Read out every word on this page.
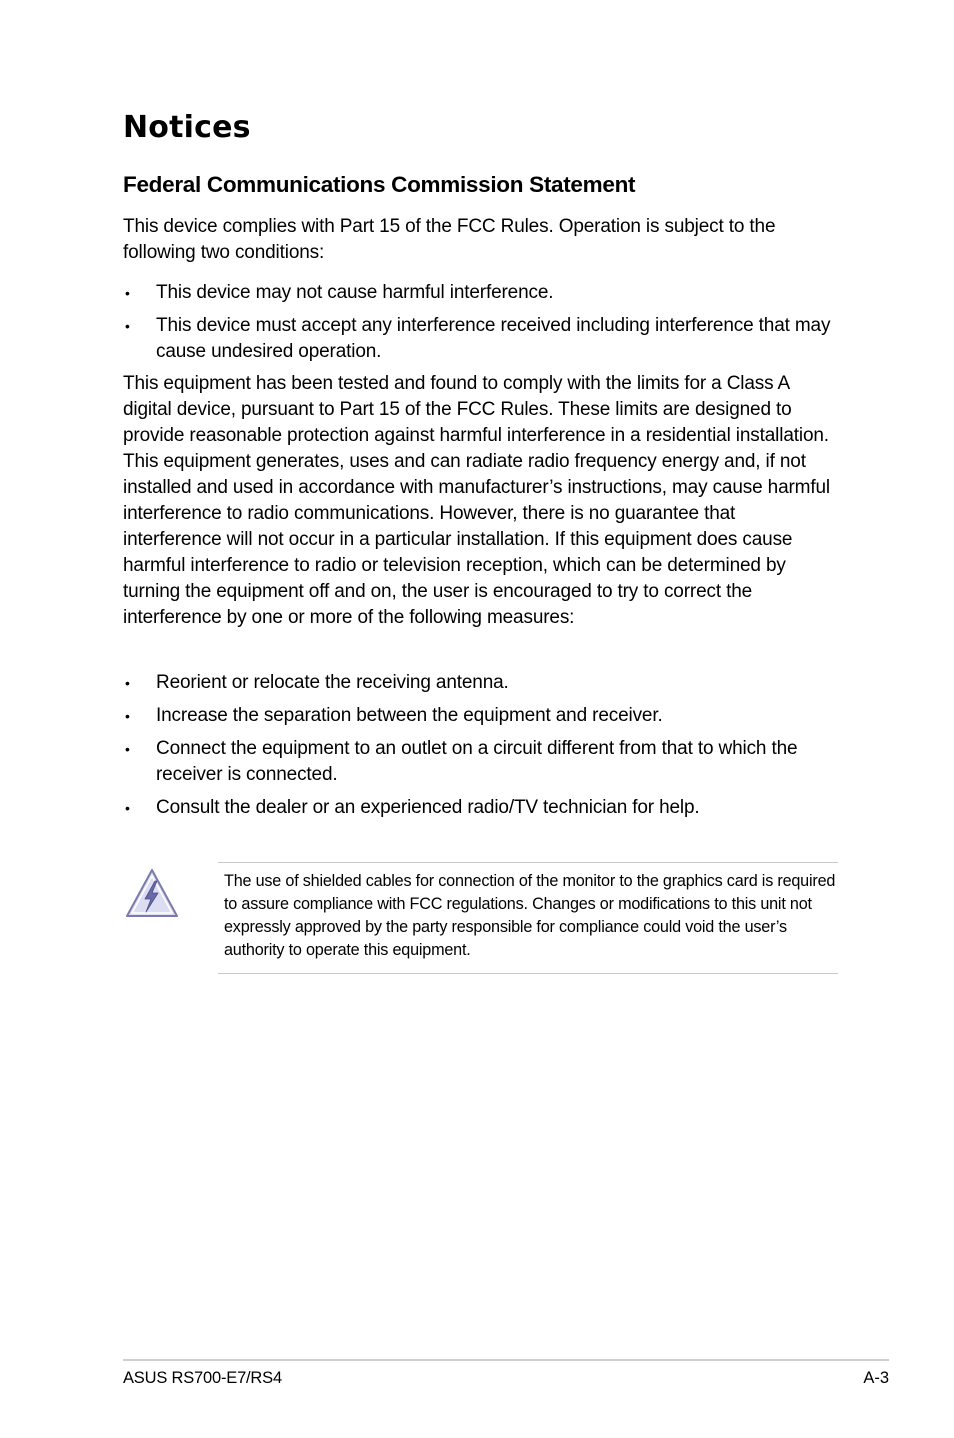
Notices
Federal Communications Commission Statement

This device complies with Part 15 of the FCC Rules. Operation is subject to the following two conditions:

• This device may not cause harmful interference.
• This device must accept any interference received including interference that may cause undesired operation.

This equipment has been tested and found to comply with the limits for a Class A digital device, pursuant to Part 15 of the FCC Rules. These limits are designed to provide reasonable protection against harmful interference in a residential installation. This equipment generates, uses and can radiate radio frequency energy and, if not installed and used in accordance with manufacturer’s instructions, may cause harmful interference to radio communications. However, there is no guarantee that interference will not occur in a particular installation. If this equipment does cause harmful interference to radio or television reception, which can be determined by turning the equipment off and on, the user is encouraged to try to correct the interference by one or more of the following measures:

• Reorient or relocate the receiving antenna.
• Increase the separation between the equipment and receiver.
• Connect the equipment to an outlet on a circuit different from that to which the receiver is connected.
• Consult the dealer or an experienced radio/TV technician for help.

The use of shielded cables for connection of the monitor to the graphics card is required to assure compliance with FCC regulations. Changes or modifications to this unit not expressly approved by the party responsible for compliance could void the user’s authority to operate this equipment.

ASUS RS700-E7/RS4	A-3
